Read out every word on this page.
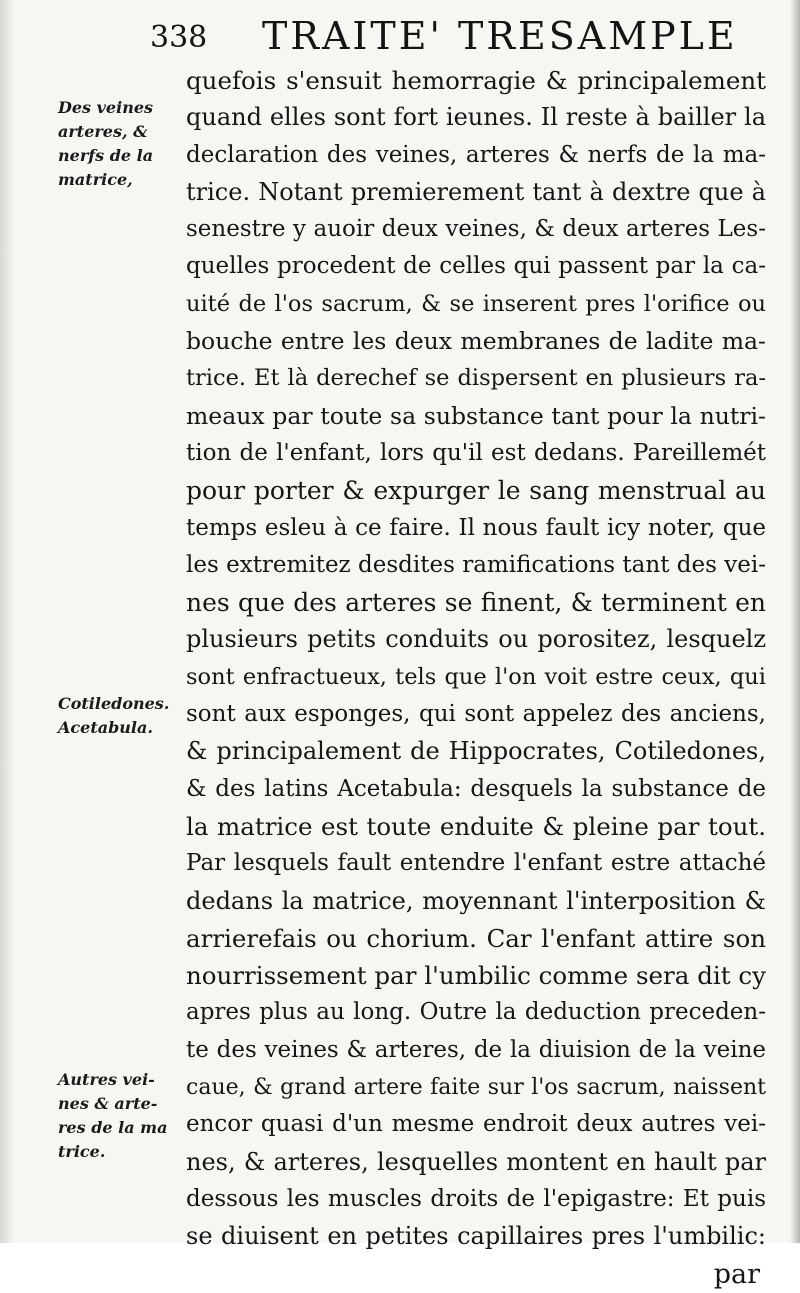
338 TRAITE' TRESAMPLE
Des veines
arteres, &
nerfs de la
matrice,
Cotiledones.
Acetabula.
Autres vei-
nes & arte-
res de la ma
trice.
quefois s'ensuit hemorragie & principalement
quand elles sont fort ieunes. Il reste à bailler la
declaration des veines, arteres & nerfs de la ma-
trice. Notant premierement tant à dextre que à
senestre y auoir deux veines, & deux arteres Les-
quelles procedent de celles qui passent par la ca-
uité de l'os sacrum, & se inserent pres l'orifice ou
bouche entre les deux membranes de ladite ma-
trice. Et là derechef se dispersent en plusieurs ra-
meaux par toute sa substance tant pour la nutri-
tion de l'enfant, lors qu'il est dedans. Pareillemét
pour porter & expurger le sang menstrual au
temps esleu à ce faire. Il nous fault icy noter, que
les extremitez desdites ramifications tant des vei-
nes que des arteres se finent, & terminent en
plusieurs petits conduits ou porositez, lesquelz
sont enfractueux, tels que l'on voit estre ceux, qui
sont aux esponges, qui sont appelez des anciens,
& principalement de Hippocrates, Cotiledones,
& des latins Acetabula: desquels la substance de
la matrice est toute enduite & pleine par tout.
Par lesquels fault entendre l'enfant estre attaché
dedans la matrice, moyennant l'interposition &
arrierefais ou chorium. Car l'enfant attire son
nourrissement par l'umbilic comme sera dit cy
apres plus au long. Outre la deduction preceden-
te des veines & arteres, de la diuision de la veine
caue, & grand artere faite sur l'os sacrum, naissent
encor quasi d'un mesme endroit deux autres vei-
nes, & arteres, lesquelles montent en hault par
dessous les muscles droits de l'epigastre: Et puis
se diuisent en petites capillaires pres l'umbilic:
par
